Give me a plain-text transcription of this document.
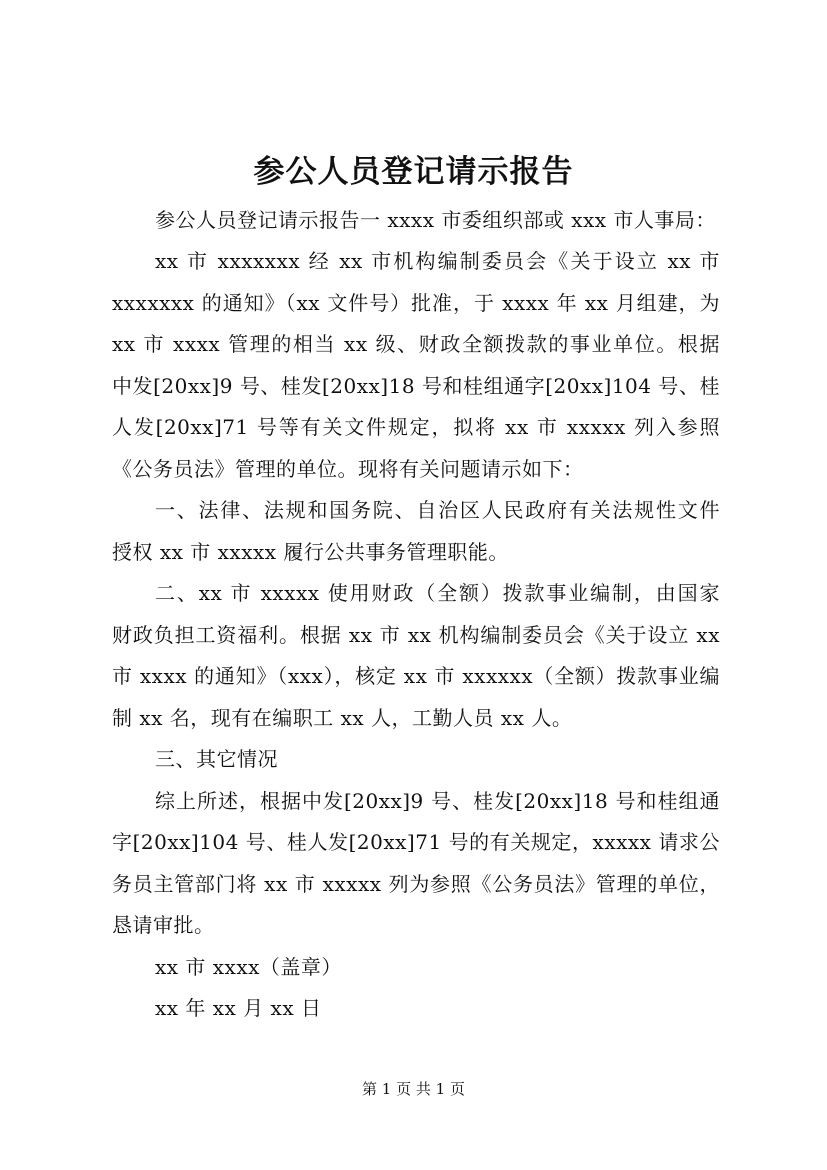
参公人员登记请示报告
参公人员登记请示报告一 xxxx 市委组织部或 xxx 市人事局：
xx 市 xxxxxxx 经 xx 市机构编制委员会《关于设立 xx 市
xxxxxxx 的通知》（xx 文件号）批准，于 xxxx 年 xx 月组建，为
xx 市 xxxx 管理的相当 xx 级、财政全额拨款的事业单位。根据
中发[20xx]9 号、桂发[20xx]18 号和桂组通字[20xx]104 号、桂
人发[20xx]71 号等有关文件规定，拟将 xx 市 xxxxx 列入参照
《公务员法》管理的单位。现将有关问题请示如下：
一、法律、法规和国务院、自治区人民政府有关法规性文件
授权 xx 市 xxxxx 履行公共事务管理职能。
二、xx 市 xxxxx 使用财政（全额）拨款事业编制，由国家
财政负担工资福利。根据 xx 市 xx 机构编制委员会《关于设立 xx
市 xxxx 的通知》（xxx），核定 xx 市 xxxxxx（全额）拨款事业编
制 xx 名，现有在编职工 xx 人，工勤人员 xx 人。
三、其它情况
综上所述，根据中发[20xx]9 号、桂发[20xx]18 号和桂组通
字[20xx]104 号、桂人发[20xx]71 号的有关规定，xxxxx 请求公
务员主管部门将 xx 市 xxxxx 列为参照《公务员法》管理的单位，
恳请审批。
xx 市 xxxx（盖章）
xx 年 xx 月 xx 日
第 1 页 共 1 页
